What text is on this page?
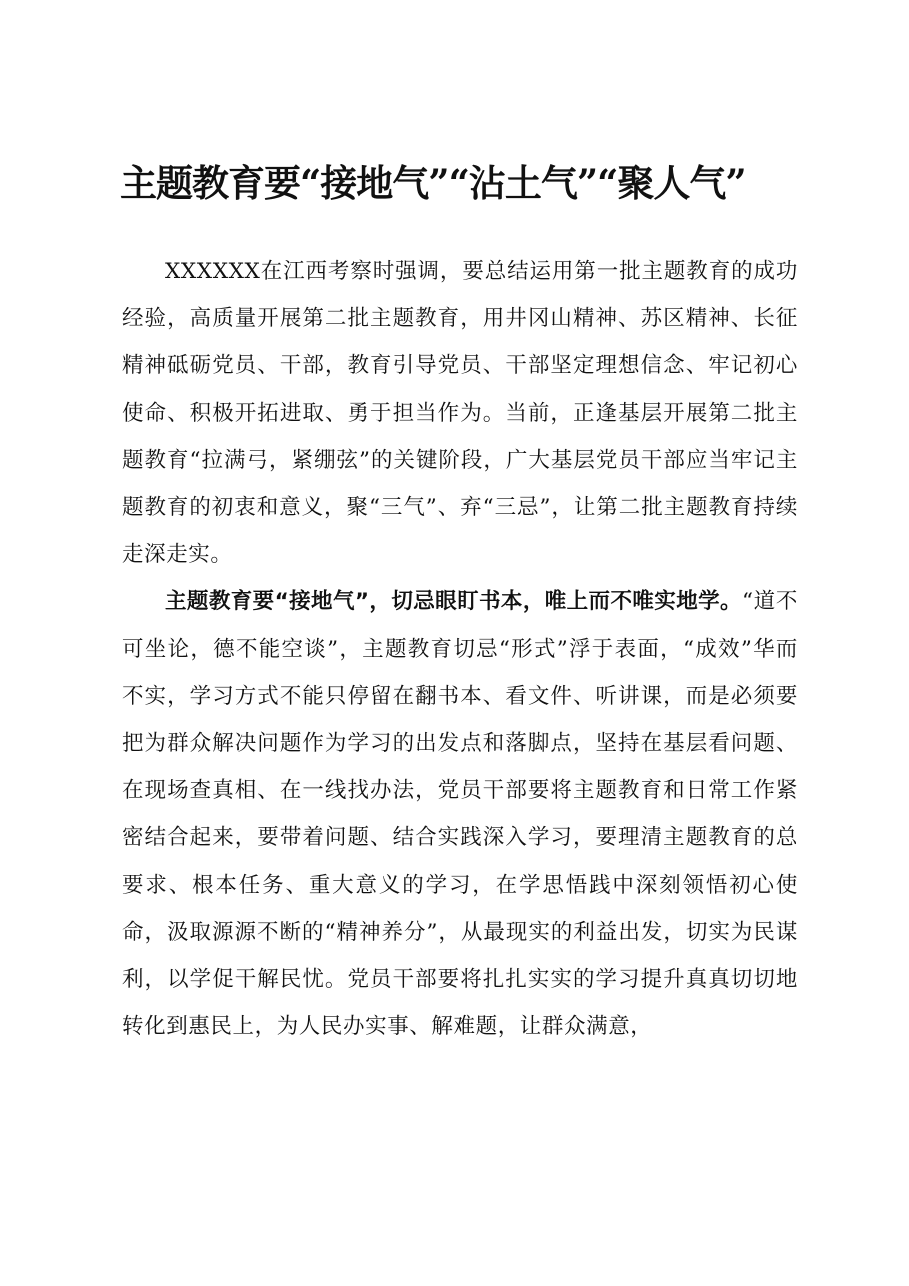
主题教育要“接地气”“沾土气”“聚人气”

XXXXXX在江西考察时强调，要总结运用第一批主题教育的成功经验，高质量开展第二批主题教育，用井冈山精神、苏区精神、长征精神砥砺党员、干部，教育引导党员、干部坚定理想信念、牢记初心使命、积极开拓进取、勇于担当作为。当前，正逢基层开展第二批主题教育“拉满弓，紧绷弦”的关键阶段，广大基层党员干部应当牢记主题教育的初衷和意义，聚“三气”、弃“三忌”，让第二批主题教育持续走深走实。

主题教育要“接地气”，切忌眼盯书本，唯上而不唯实地学。“道不可坐论，德不能空谈”，主题教育切忌“形式”浮于表面，“成效”华而不实，学习方式不能只停留在翻书本、看文件、听讲课，而是必须要把为群众解决问题作为学习的出发点和落脚点，坚持在基层看问题、在现场查真相、在一线找办法，党员干部要将主题教育和日常工作紧密结合起来，要带着问题、结合实践深入学习，要理清主题教育的总要求、根本任务、重大意义的学习，在学思悟践中深刻领悟初心使命，汲取源源不断的“精神养分”，从最现实的利益出发，切实为民谋利，以学促干解民忧。党员干部要将扎扎实实的学习提升真真切切地转化到惠民上，为人民办实事、解难题，让群众满意，
